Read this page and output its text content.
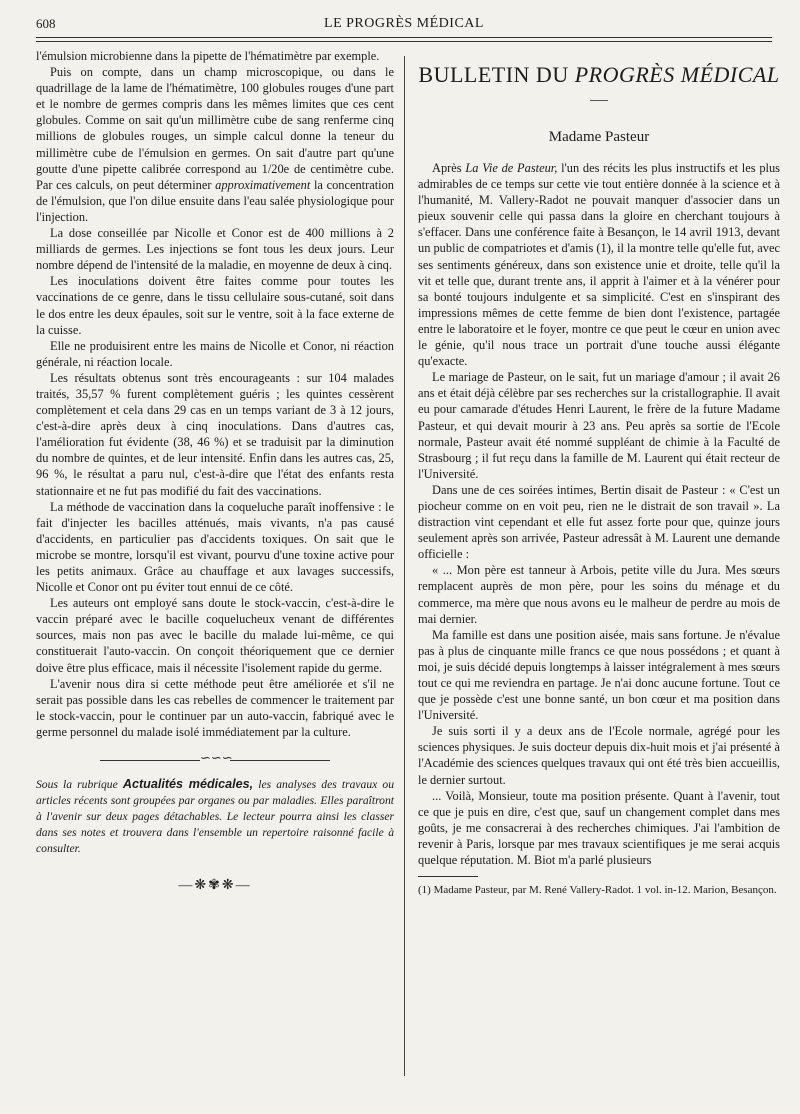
608	LE PROGRÈS MÉDICAL

l'émulsion microbienne dans la pipette de l'hématimètre par exemple.

Puis on compte, dans un champ microscopique, ou dans le quadrillage de la lame de l'hématimètre, 100 globules rouges d'une part et le nombre de germes compris dans les mêmes limites que ces cent globules. Comme on sait qu'un millimètre cube de sang renferme cinq millions de globules rouges, un simple calcul donne la teneur du millimètre cube de l'émulsion en germes. On sait d'autre part qu'une goutte d'une pipette calibrée correspond au 1/20e de centimètre cube. Par ces calculs, on peut déterminer approximativement la concentration de l'émulsion, que l'on dilue ensuite dans l'eau salée physiologique pour l'injection.

La dose conseillée par Nicolle et Conor est de 400 millions à 2 milliards de germes. Les injections se font tous les deux jours. Leur nombre dépend de l'intensité de la maladie, en moyenne de deux à cinq.

Les inoculations doivent être faites comme pour toutes les vaccinations de ce genre, dans le tissu cellulaire sous-cutané, soit dans le dos entre les deux épaules, soit sur le ventre, soit à la face externe de la cuisse.

Elle ne produisirent entre les mains de Nicolle et Conor, ni réaction générale, ni réaction locale.

Les résultats obtenus sont très encourageants : sur 104 malades traités, 35,57 % furent complètement guéris ; les quintes cessèrent complètement et cela dans 29 cas en un temps variant de 3 à 12 jours, c'est-à-dire après deux à cinq inoculations. Dans d'autres cas, l'amélioration fut évidente (38, 46 %) et se traduisit par la diminution du nombre de quintes, et de leur intensité. Enfin dans les autres cas, 25, 96 %, le résultat a paru nul, c'est-à-dire que l'état des enfants resta stationnaire et ne fut pas modifié du fait des vaccinations.

La méthode de vaccination dans la coqueluche paraît inoffensive : le fait d'injecter les bacilles atténués, mais vivants, n'a pas causé d'accidents, en particulier pas d'accidents toxiques. On sait que le microbe se montre, lorsqu'il est vivant, pourvu d'une toxine active pour les petits animaux. Grâce au chauffage et aux lavages successifs, Nicolle et Conor ont pu éviter tout ennui de ce côté.

Les auteurs ont employé sans doute le stock-vaccin, c'est-à-dire le vaccin préparé avec le bacille coquelucheux venant de différentes sources, mais non pas avec le bacille du malade lui-même, ce qui constituerait l'auto-vaccin. On conçoit théoriquement que ce dernier doive être plus efficace, mais il nécessite l'isolement rapide du germe.

L'avenir nous dira si cette méthode peut être améliorée et s'il ne serait pas possible dans les cas rebelles de commencer le traitement par le stock-vaccin, pour le continuer par un auto-vaccin, fabriqué avec le germe personnel du malade isolé immédiatement par la culture.

∽∽∽
Sous la rubrique Actualités médicales, les analyses des travaux ou articles récents sont groupées par organes ou par maladies. Elles paraîtront à l'avenir sur deux pages détachables. Le lecteur pourra ainsi les classer dans ses notes et trouvera dans l'ensemble un repertoire raisonné facile à consulter.
—❋✾❋—
BULLETIN DU PROGRÈS MÉDICAL
Madame Pasteur

Après La Vie de Pasteur, l'un des récits les plus instructifs et les plus admirables de ce temps sur cette vie tout entière donnée à la science et à l'humanité, M. Vallery-Radot ne pouvait manquer d'associer dans un pieux souvenir celle qui passa dans la gloire en cherchant toujours à s'effacer. Dans une conférence faite à Besançon, le 14 avril 1913, devant un public de compatriotes et d'amis (1), il la montre telle qu'elle fut, avec ses sentiments généreux, dans son existence unie et droite, telle qu'il la vit et telle que, durant trente ans, il apprit à l'aimer et à la vénérer pour sa bonté toujours indulgente et sa simplicité. C'est en s'inspirant des impressions mêmes de cette femme de bien dont l'existence, partagée entre le laboratoire et le foyer, montre ce que peut le cœur en union avec le génie, qu'il nous trace un portrait d'une touche aussi élégante qu'exacte.

Le mariage de Pasteur, on le sait, fut un mariage d'amour ; il avait 26 ans et était déjà célèbre par ses recherches sur la cristallographie. Il avait eu pour camarade d'études Henri Laurent, le frère de la future Madame Pasteur, et qui devait mourir à 23 ans. Peu après sa sortie de l'Ecole normale, Pasteur avait été nommé suppléant de chimie à la Faculté de Strasbourg ; il fut reçu dans la famille de M. Laurent qui était recteur de l'Université.

Dans une de ces soirées intimes, Bertin disait de Pasteur : « C'est un piocheur comme on en voit peu, rien ne le distrait de son travail ». La distraction vint cependant et elle fut assez forte pour que, quinze jours seulement après son arrivée, Pasteur adressât à M. Laurent une demande officielle :

« ... Mon père est tanneur à Arbois, petite ville du Jura. Mes sœurs remplacent auprès de mon père, pour les soins du ménage et du commerce, ma mère que nous avons eu le malheur de perdre au mois de mai dernier.

Ma famille est dans une position aisée, mais sans fortune. Je n'évalue pas à plus de cinquante mille francs ce que nous possédons ; et quant à moi, je suis décidé depuis longtemps à laisser intégralement à mes sœurs tout ce qui me reviendra en partage. Je n'ai donc aucune fortune. Tout ce que je possède c'est une bonne santé, un bon cœur et ma position dans l'Université.

Je suis sorti il y a deux ans de l'Ecole normale, agrégé pour les sciences physiques. Je suis docteur depuis dix-huit mois et j'ai présenté à l'Académie des sciences quelques travaux qui ont été très bien accueillis, le dernier surtout.

... Voilà, Monsieur, toute ma position présente. Quant à l'avenir, tout ce que je puis en dire, c'est que, sauf un changement complet dans mes goûts, je me consacrerai à des recherches chimiques. J'ai l'ambition de revenir à Paris, lorsque par mes travaux scientifiques je me serai acquis quelque réputation. M. Biot m'a parlé plusieurs

(1) Madame Pasteur, par M. René Vallery-Radot. 1 vol. in-12. Marion, Besançon.
